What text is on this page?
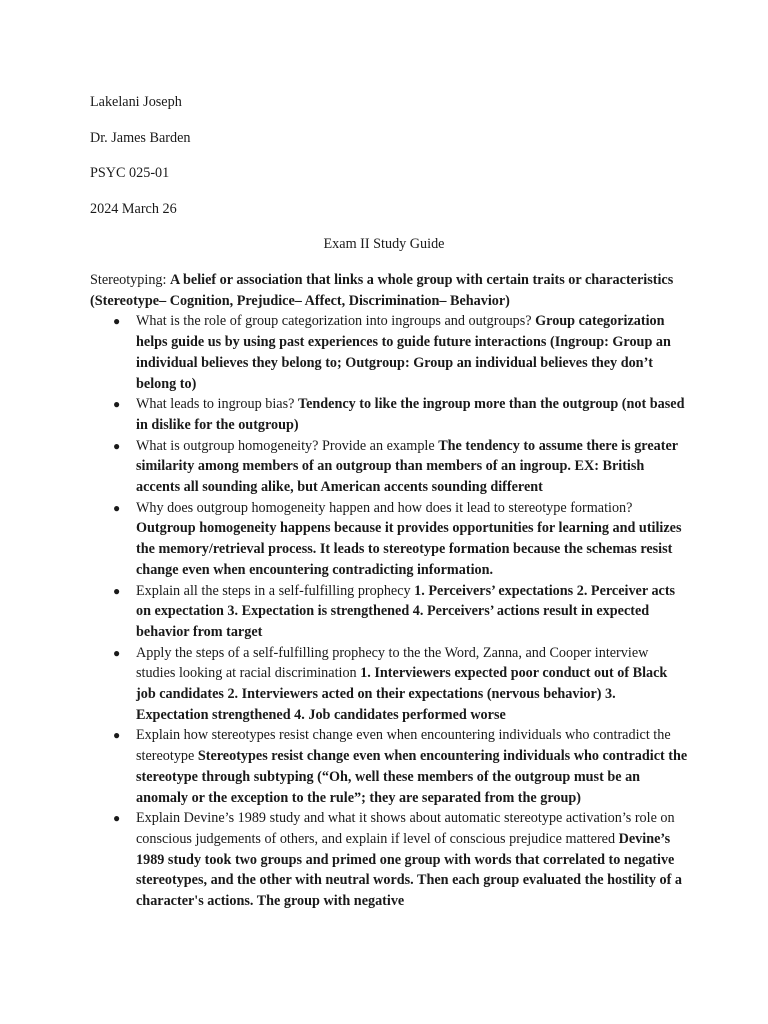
Lakelani Joseph
Dr. James Barden
PSYC 025-01
2024 March 26
Exam II Study Guide

Stereotyping: A belief or association that links a whole group with certain traits or characteristics (Stereotype– Cognition, Prejudice– Affect, Discrimination– Behavior)

● What is the role of group categorization into ingroups and outgroups? Group categorization helps guide us by using past experiences to guide future interactions (Ingroup: Group an individual believes they belong to; Outgroup: Group an individual believes they don’t belong to)
● What leads to ingroup bias? Tendency to like the ingroup more than the outgroup (not based in dislike for the outgroup)
● What is outgroup homogeneity? Provide an example The tendency to assume there is greater similarity among members of an outgroup than members of an ingroup. EX: British accents all sounding alike, but American accents sounding different
● Why does outgroup homogeneity happen and how does it lead to stereotype formation? Outgroup homogeneity happens because it provides opportunities for learning and utilizes the memory/retrieval process. It leads to stereotype formation because the schemas resist change even when encountering contradicting information.
● Explain all the steps in a self-fulfilling prophecy 1. Perceivers’ expectations 2. Perceiver acts on expectation 3. Expectation is strengthened 4. Perceivers’ actions result in expected behavior from target
● Apply the steps of a self-fulfilling prophecy to the the Word, Zanna, and Cooper interview studies looking at racial discrimination 1. Interviewers expected poor conduct out of Black job candidates 2. Interviewers acted on their expectations (nervous behavior) 3. Expectation strengthened 4. Job candidates performed worse
● Explain how stereotypes resist change even when encountering individuals who contradict the stereotype Stereotypes resist change even when encountering individuals who contradict the stereotype through subtyping (“Oh, well these members of the outgroup must be an anomaly or the exception to the rule”; they are separated from the group)
● Explain Devine’s 1989 study and what it shows about automatic stereotype activation’s role on conscious judgements of others, and explain if level of conscious prejudice mattered Devine’s 1989 study took two groups and primed one group with words that correlated to negative stereotypes, and the other with neutral words. Then each group evaluated the hostility of a character's actions. The group with negative
